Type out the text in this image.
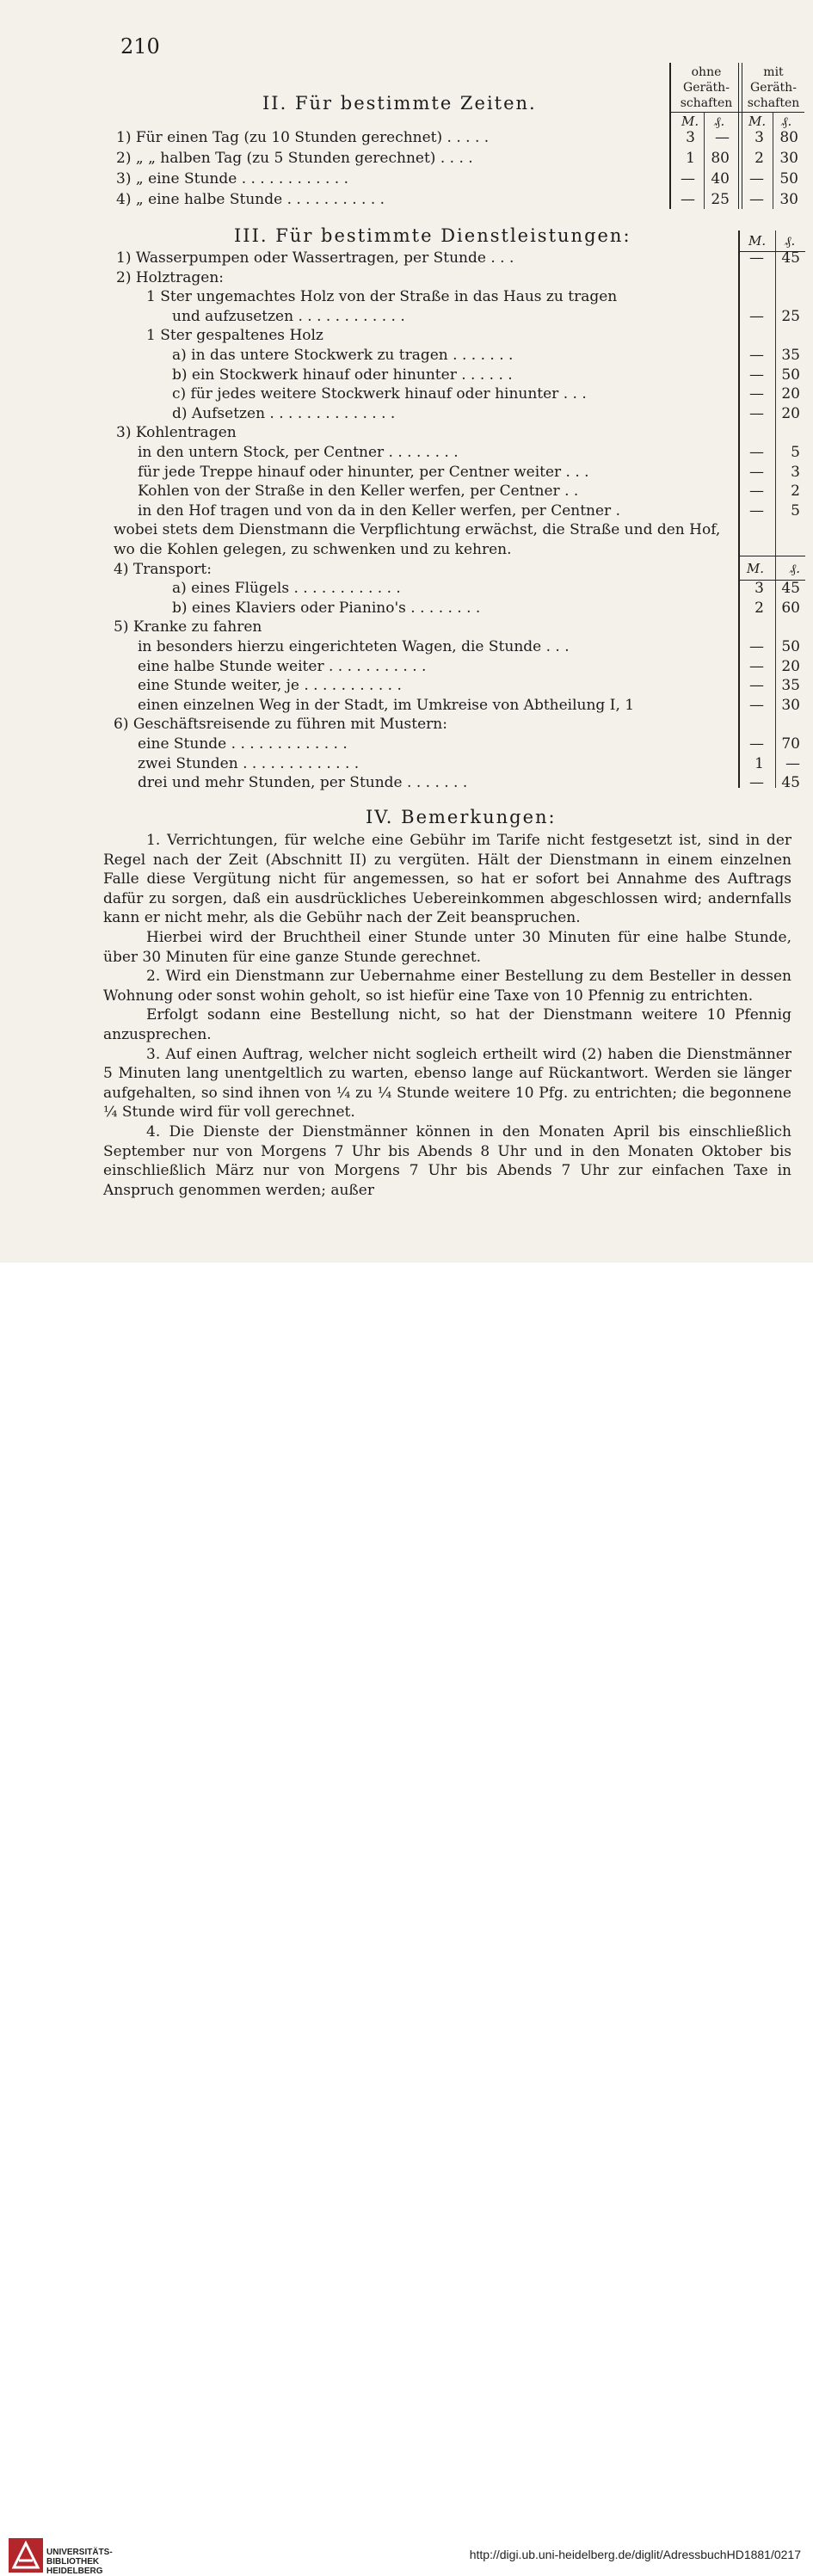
210
II. Für bestimmte Zeiten.
ohne Geräth- schaften
mit Geräth- schaften
M. ₰. M. ₰.
1) Für einen Tag (zu 10 Stunden gerechnet) . . . . .	3	—	3 80
2) „ „ halben Tag (zu 5 Stunden gerechnet) . . . .	1 80	2 30
3) „ eine Stunde . . . . . . . . . . . .	— 40	— 50
4) „ eine halbe Stunde . . . . . . . . . . .	— 25	— 30
III. Für bestimmte Dienstleistungen:	M. ₰.
1) Wasserpumpen oder Wassertragen, per Stunde . . .	— 45
2) Holztragen:
1 Ster ungemachtes Holz von der Straße in das Haus zu tragen
und aufzusetzen . . . . . . . . . . . .	— 25
1 Ster gespaltenes Holz
a) in das untere Stockwerk zu tragen . . . . . . .	— 35
b) ein Stockwerk hinauf oder hinunter . . . . . .	— 50
c) für jedes weitere Stockwerk hinauf oder hinunter . . .	— 20
d) Aufsetzen . . . . . . . . . . . . . .	— 20
3) Kohlentragen
in den untern Stock, per Centner . . . . . . . .	—	5
für jede Treppe hinauf oder hinunter, per Centner weiter . . .	—	3
Kohlen von der Straße in den Keller werfen, per Centner . .	—	2
in den Hof tragen und von da in den Keller werfen, per Centner .	—	5
wobei stets dem Dienstmann die Verpflichtung erwächst, die Straße und den Hof,
wo die Kohlen gelegen, zu schwenken und zu kehren.
4) Transport:	M.	₰.
a) eines Flügels . . . . . . . . . . . .	3 45
b) eines Klaviers oder Pianino's . . . . . . . .	2 60
5) Kranke zu fahren
in besonders hierzu eingerichteten Wagen, die Stunde . . .	— 50
eine halbe Stunde weiter . . . . . . . . . . .	— 20
eine Stunde weiter, je . . . . . . . . . . .	— 35
einen einzelnen Weg in der Stadt, im Umkreise von Abtheilung I, 1	— 30
6) Geschäftsreisende zu führen mit Mustern:
eine Stunde . . . . . . . . . . . . .	— 70
zwei Stunden . . . . . . . . . . . . .	1	—
drei und mehr Stunden, per Stunde . . . . . . .	— 45
IV. Bemerkungen:

1. Verrichtungen, für welche eine Gebühr im Tarife nicht festgesetzt ist, sind in der Regel nach der Zeit (Abschnitt II) zu vergüten. Hält der Dienstmann in einem einzelnen Falle diese Vergütung nicht für angemessen, so hat er sofort bei Annahme des Auftrags dafür zu sorgen, daß ein ausdrückliches Uebereinkommen abgeschlossen wird; andernfalls kann er nicht mehr, als die Gebühr nach der Zeit beanspruchen.

Hierbei wird der Bruchtheil einer Stunde unter 30 Minuten für eine halbe Stunde, über 30 Minuten für eine ganze Stunde gerechnet.

2. Wird ein Dienstmann zur Uebernahme einer Bestellung zu dem Besteller in dessen Wohnung oder sonst wohin geholt, so ist hiefür eine Taxe von 10 Pfennig zu entrichten.

Erfolgt sodann eine Bestellung nicht, so hat der Dienstmann weitere 10 Pfennig anzusprechen.

3. Auf einen Auftrag, welcher nicht sogleich ertheilt wird (2) haben die Dienstmänner 5 Minuten lang unentgeltlich zu warten, ebenso lange auf Rückantwort. Werden sie länger aufgehalten, so sind ihnen von ¼ zu ¼ Stunde weitere 10 Pfg. zu entrichten; die begonnene ¼ Stunde wird für voll gerechnet.

4. Die Dienste der Dienstmänner können in den Monaten April bis einschließlich September nur von Morgens 7 Uhr bis Abends 8 Uhr und in den Monaten Oktober bis einschließlich März nur von Morgens 7 Uhr bis Abends 7 Uhr zur einfachen Taxe in Anspruch genommen werden; außer

UNIVERSITÄTS-
BIBLIOTHEK
HEIDELBERG
http://digi.ub.uni-heidelberg.de/diglit/AdressbuchHD1881/0217
